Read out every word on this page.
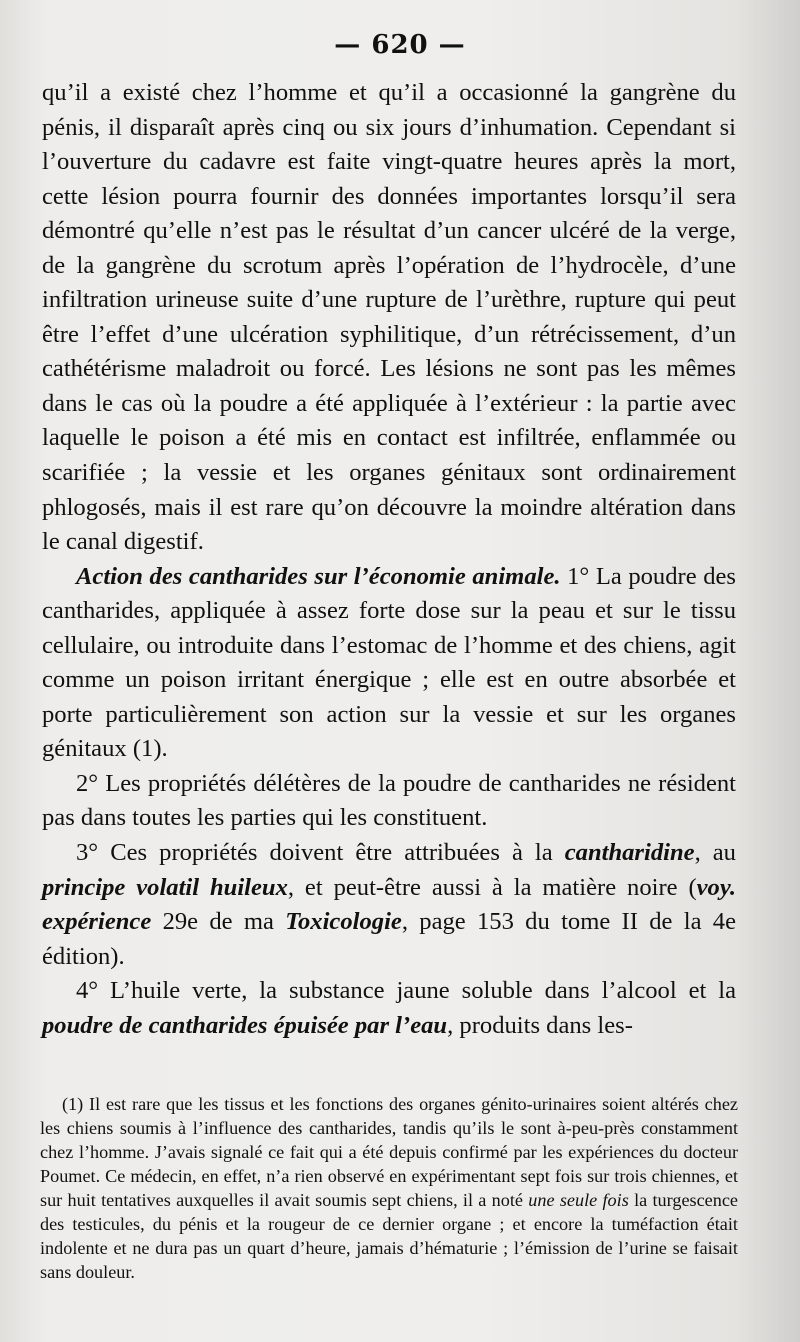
— 620 —

qu’il a existé chez l’homme et qu’il a occasionné la gangrène du pénis, il disparaît après cinq ou six jours d’inhumation. Cependant si l’ouverture du cadavre est faite vingt-quatre heures après la mort, cette lésion pourra fournir des données importantes lorsqu’il sera démontré qu’elle n’est pas le résultat d’un cancer ulcéré de la verge, de la gangrène du scrotum après l’opération de l’hydrocèle, d’une infiltration urineuse suite d’une rupture de l’urèthre, rupture qui peut être l’effet d’une ulcération syphilitique, d’un rétrécissement, d’un cathétérisme maladroit ou forcé. Les lésions ne sont pas les mêmes dans le cas où la poudre a été appliquée à l’extérieur : la partie avec laquelle le poison a été mis en contact est infiltrée, enflammée ou scarifiée ; la vessie et les organes génitaux sont ordinairement phlogosés, mais il est rare qu’on découvre la moindre altération dans le canal digestif.

Action des cantharides sur l’économie animale. 1° La poudre des cantharides, appliquée à assez forte dose sur la peau et sur le tissu cellulaire, ou introduite dans l’estomac de l’homme et des chiens, agit comme un poison irritant énergique ; elle est en outre absorbée et porte particulièrement son action sur la vessie et sur les organes génitaux (1).

2° Les propriétés délétères de la poudre de cantharides ne résident pas dans toutes les parties qui les constituent.

3° Ces propriétés doivent être attribuées à la cantharidine, au principe volatil huileux, et peut-être aussi à la matière noire (voy. expérience 29e de ma Toxicologie, page 153 du tome II de la 4e édition).

4° L’huile verte, la substance jaune soluble dans l’alcool et la poudre de cantharides épuisée par l’eau, produits dans les-

(1) Il est rare que les tissus et les fonctions des organes génito-urinaires soient altérés chez les chiens soumis à l’influence des cantharides, tandis qu’ils le sont à-peu-près constamment chez l’homme. J’avais signalé ce fait qui a été depuis confirmé par les expériences du docteur Poumet. Ce médecin, en effet, n’a rien observé en expérimentant sept fois sur trois chiennes, et sur huit tentatives auxquelles il avait soumis sept chiens, il a noté une seule fois la turgescence des testicules, du pénis et la rougeur de ce dernier organe ; et encore la tuméfaction était indolente et ne dura pas un quart d’heure, jamais d’hématurie ; l’émission de l’urine se faisait sans douleur.
